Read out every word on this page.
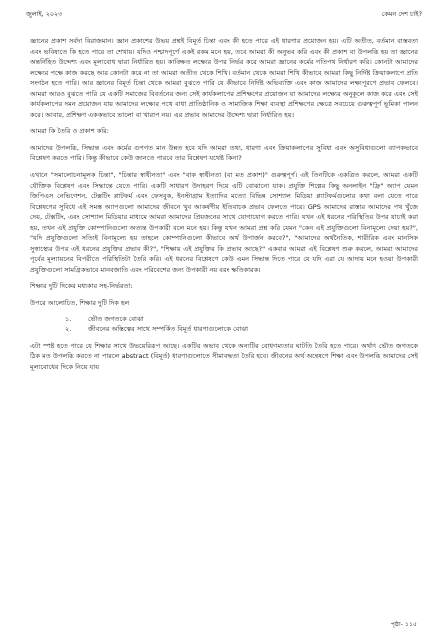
জুলাই, ২০২৩	কেমন দেশ চাই?

জ্ঞানের প্রকাশ সর্বদা বিরাজমান। জ্ঞান প্রকাশের উভয় প্রশ্নই বিমূর্ত চিন্তা এবং কী হতে পারে এই ধারণার প্রয়োজন হয়। এটি অতীত, বর্তমান বাস্তবতা এবং ভবিষ্যতে কি হতে পারে তা শেখায়। যদিও পশ্চাদপূর্ণে একই রকম মনে হয়, তবে আমরা কী অনুভব করি এবং কী প্রকাশ বা উপলব্ধি হয় তা জ্ঞানের অন্তর্নিহিত উদ্দেশ্য এবং মূল্যবোধ দ্বারা নির্ধারিত হয়। কাঙ্ক্ষিত লক্ষ্যের উপর নির্ভর করে আমরা জ্ঞানের কর্মের গতিপথ নির্ধারণ করি। কোনটা আমাদের লক্ষ্যের পক্ষে কাজ করছে আর কোনটা করে না তা আমরা অতীত থেকে শিখি। বর্তমান থেকে আমরা শিখি কীভাবে আমরা কিছু নির্দিষ্ট ক্রিয়াকলাপে প্রতি সংগঠন হতে পারি। আর জ্ঞানের বিমূর্ত চিন্তা থেকে আমরা বুঝতে পারি যে কীভাবে নির্দিষ্ট অভিব্যক্তি এবং কাজ আমাদের লক্ষ্যপূরণে প্রভাব ফেলবে। আমরা আরও বুঝতে পারি যে একটি সমাজের বিবর্তনের জন্য সেই কার্যকলাপের প্রশিক্ষণের প্রয়োজন যা আমাদের লক্ষ্যের অনুকূলে কাজ করে এবং সেই কার্যকলাপের দমন প্রয়োজন যায় আমাদের লক্ষ্যের পথে বাধা প্রাতিষ্ঠানিক ও সামাজিক শিক্ষা ব্যবস্থা প্রশিক্ষণের ক্ষেত্রে সবচেয়ে গুরুত্বপূর্ণ ভূমিকা পালন করে। আবার, প্রশিক্ষণ এককভাবে ভালো বা খারাপ নয়। এর প্রভাব আমাদের উদ্দেশ্য দ্বারা নির্ধারিত হয়।

আমরা কি তৈরি ও প্রকাশ করি:

আমাদের উপলব্ধি, সিদ্ধান্ত এবং কর্মের গুণগত মান উন্নত হবে যদি আমরা তথ্য, ধারণা এবং ক্রিয়াকলাপের সুবিধা এবং অসুবিধাগুলো ব্যাপকভাবে বিশ্লেষণ করতে পারি। কিন্তু কীভাবে কেউ জানতে পারবে তার বিশ্লেষণ যথেষ্ট কিনা?

এখানে "সমালোচনামূলক চিন্তা", "চিন্তার স্বাধীনতা" এবং "বাক স্বাধীনতা (বা মত প্রকাশ)" গুরুত্বপূর্ণ। এই তিনটিকে একত্রিত করলে, আমরা একটি যৌক্তিক বিশ্লেষণ এবং সিদ্ধান্তে যেতে পারি। একটি সাধারণ উদাহরণ দিয়ে এটি বোঝানো যাক। প্রযুক্তি শিল্পের কিছু অনলাইন "ফ্রি" অ্যাপ যেমন জিপিএস নেভিগেশন, টেক্সটিং প্লাটফর্ম এবং ফেসবুক, ইনস্টাগ্রাম ইত্যাদির মত্যো বিভিন্ন সোশ্যাল মিডিয়া প্ল্যাটফর্মগুলোর কথা বলা যেতে পারে বিশ্লেষণের সুবিধে এই সমস্ত অ্যাপগুলো আমাদের জীবনে খুব আকর্ষণীয় ইতিবাচক প্রভাব ফেলতে পারে। GPS আমাদের রাস্তার আমাদের পথ খুঁজে দেয়, টেক্সটিং, এবং সোশ্যাল মিডিয়ার মাধ্যমে আমরা আমাদের প্রিয়জনের সাথে যোগাযোগ করতে পারি। যখন এই ধরনের পরিস্থিতির উপর যাচাই করা হয়, তখন এই প্রযুক্তি কোম্পানিগুলো অত্যন্ত উপকারী বলে মনে হয়। কিন্তু যখন আমরা প্রশ্ন করি যেমন "কেন এই প্রযুক্তিগুলো বিনামূল্যে দেয়া হয়?", "যদি প্রযুক্তিগুলো সত্যিই বিনামূল্যে হয় তাহলে কোম্পানিগুলো কীভাবে অর্থ উপার্জন করবে?", "আমাদের অর্থনৈতিক, শারীরিক এবং মানসিক সুস্বাস্থ্যের উপর এই ধরনের প্রযুক্তির প্রভাব কী?", "শিক্ষায় এই প্রযুক্তির কি প্রভাব আছে?" একবার আমরা এই বিশ্লেষণ শুরু করলে, আমরা আমাদের পূর্বের মূল্যায়নের বিপরীতে পরিস্থিতিটা তৈরি করি। এই ধরনের বিশ্লেষণে কেউ এমন সিদ্ধান্ত দিতে পারে যে যদি এরা যে আদায় মনে হওয়া উপকারী প্রযুক্তিগুলো সামগ্রিকভাবে মানবজাতি এবং পরিবেশের জন্য উপকারী নয় বরং ক্ষতিকারক।

শিক্ষার দুটি দিকের মধ্যকার সহ-নির্ভরতা:

উপরে আলোচিত, শিক্ষার দুটি দিক হল

১.	ভৌত জগতকে বোঝা
২.	জীবনের অস্তিত্বের সাথে সম্পর্কিত বিমূর্ত ধারণাগুলোকে বোঝা

এটা স্পষ্ট হতে পারে যে শিক্ষার সাথে উভয়েরিরূপ আছে। একটির অভাব থেকে অন্যটির বোধগম্যতার ঘাটতি তৈরি হতে পারে। অর্থাৎ ভৌত জগতকে ঠিক মত উপলব্ধি করতে না পারলে abstract (বিমূর্ত) ধারণাগুলোতে সীমাবদ্ধতা তৈরি হবে। জীবনের অর্থ অন্বেষণে শিক্ষা এবং উপলব্ধি আমাদের সেই মূল্যবোধের দিকে নিয়ে যায়

পৃষ্ঠা- ১১৫
